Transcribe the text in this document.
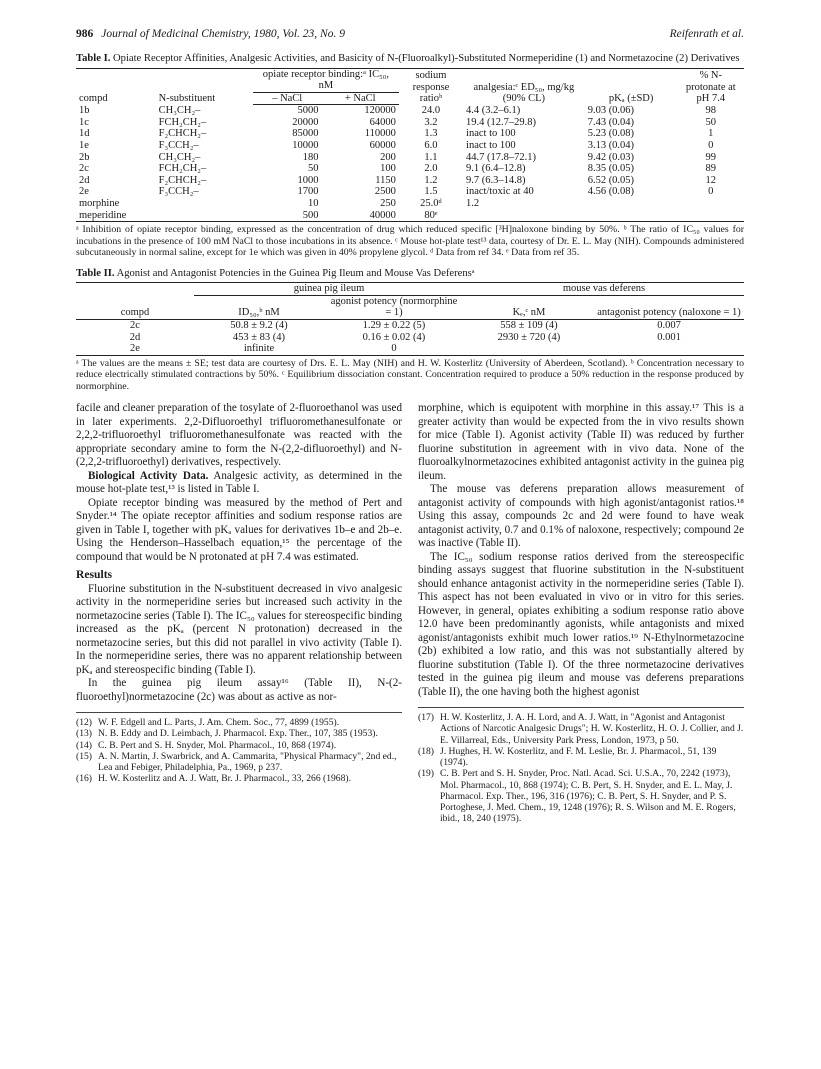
986 Journal of Medicinal Chemistry, 1980, Vol. 23, No. 9	Reifenrath et al.
Table I. Opiate Receptor Affinities, Analgesic Activities, and Basicity of N-(Fluoroalkyl)-Substituted Normeperidine (1) and Normetazocine (2) Derivatives
compd	N-substituent	opiate receptor binding:ᵃ IC₅₀, nM		sodium response ratioᵇ	analgesia:ᶜ ED₅₀, mg/kg (90% CL)	pKₐ (±SD)	% N-protonate at pH 7.4
		– NaCl	+ NaCl				
1b	CH₃CH₂–	5000	120000	24.0	4.4 (3.2–6.1)	9.03 (0.06)	98
1c	FCH₂CH₂–	20000	64000	3.2	19.4 (12.7–29.8)	7.43 (0.04)	50
1d	F₂CHCH₂–	85000	110000	1.3	inact to 100	5.23 (0.08)	1
1e	F₃CCH₂–	10000	60000	6.0	inact to 100	3.13 (0.04)	0
2b	CH₃CH₂–	180	200	1.1	44.7 (17.8–72.1)	9.42 (0.03)	99
2c	FCH₂CH₂–	50	100	2.0	9.1 (6.4–12.8)	8.35 (0.05)	89
2d	F₂CHCH₂–	1000	1150	1.2	9.7 (6.3–14.8)	6.52 (0.05)	12
2e	F₃CCH₂–	1700	2500	1.5	inact/toxic at 40	4.56 (0.08)	0
morphine		10	250	25.0ᵈ	1.2		
meperidine		500	40000	80ᵉ			
ᵃ Inhibition of opiate receptor binding, expressed as the concentration of drug which reduced specific [³H]naloxone binding by 50%. ᵇ The ratio of IC₅₀ values for incubations in the presence of 100 mM NaCl to those incubations in its absence. ᶜ Mouse hot-plate test¹³ data, courtesy of Dr. E. L. May (NIH). Compounds administered subcutaneously in normal saline, except for 1e which was given in 40% propylene glycol. ᵈ Data from ref 34. ᵉ Data from ref 35.
Table II. Agonist and Antagonist Potencies in the Guinea Pig Ileum and Mouse Vas Deferensᵃ
	guinea pig ileum		mouse vas deferens	
compd	ID₅₀,ᵇ nM	agonist potency (normorphine = 1)	Kₑ,ᶜ nM	antagonist potency (naloxone = 1)
2c	50.8 ± 9.2 (4)	1.29 ± 0.22 (5)	558 ± 109 (4)	0.007
2d	453 ± 83 (4)	0.16 ± 0.02 (4)	2930 ± 720 (4)	0.001
2e	infinite	0		
ᵃ The values are the means ± SE; test data are courtesy of Drs. E. L. May (NIH) and H. W. Kosterlitz (University of Aberdeen, Scotland). ᵇ Concentration necessary to reduce electrically stimulated contractions by 50%. ᶜ Equilibrium dissociation constant. Concentration required to produce a 50% reduction in the response produced by normorphine.

facile and cleaner preparation of the tosylate of 2-fluoroethanol was used in later experiments. 2,2-Difluoroethyl trifluoromethanesulfonate or 2,2,2-trifluoroethyl trifluoromethanesulfonate was reacted with the appropriate secondary amine to form the N-(2,2-difluoroethyl) and N-(2,2,2-trifluoroethyl) derivatives, respectively.

Biological Activity Data. Analgesic activity, as determined in the mouse hot-plate test,¹³ is listed in Table I.

Opiate receptor binding was measured by the method of Pert and Snyder.¹⁴ The opiate receptor affinities and sodium response ratios are given in Table I, together with pKₐ values for derivatives 1b–e and 2b–e. Using the Henderson–Hasselbach equation,¹⁵ the percentage of the compound that would be N protonated at pH 7.4 was estimated.

Results

Fluorine substitution in the N-substituent decreased in vivo analgesic activity in the normeperidine series but increased such activity in the normetazocine series (Table I). The IC₅₀ values for stereospecific binding increased as the pKₐ (percent N protonation) decreased in the normetazocine series, but this did not parallel in vivo activity (Table I). In the normeperidine series, there was no apparent relationship between pKₐ and stereospecific binding (Table I).

In the guinea pig ileum assay¹⁶ (Table II), N-(2-fluoroethyl)normetazocine (2c) was about as active as nor-

(12) W. F. Edgell and L. Parts, J. Am. Chem. Soc., 77, 4899 (1955).
(13) N. B. Eddy and D. Leimbach, J. Pharmacol. Exp. Ther., 107, 385 (1953).
(14) C. B. Pert and S. H. Snyder, Mol. Pharmacol., 10, 868 (1974).
(15) A. N. Martin, J. Swarbrick, and A. Cammarita, "Physical Pharmacy", 2nd ed., Lea and Febiger, Philadelphia, Pa., 1969, p 237.
(16) H. W. Kosterlitz and A. J. Watt, Br. J. Pharmacol., 33, 266 (1968).

morphine, which is equipotent with morphine in this assay.¹⁷ This is a greater activity than would be expected from the in vivo results shown for mice (Table I). Agonist activity (Table II) was reduced by further fluorine substitution in agreement with in vivo data. None of the fluoroalkylnormetazocines exhibited antagonist activity in the guinea pig ileum.

The mouse vas deferens preparation allows measurement of antagonist activity of compounds with high agonist/antagonist ratios.¹⁸ Using this assay, compounds 2c and 2d were found to have weak antagonist activity, 0.7 and 0.1% of naloxone, respectively; compound 2e was inactive (Table II).

The IC₅₀ sodium response ratios derived from the stereospecific binding assays suggest that fluorine substitution in the N-substituent should enhance antagonist activity in the normeperidine series (Table I). This aspect has not been evaluated in vivo or in vitro for this series. However, in general, opiates exhibiting a sodium response ratio above 12.0 have been predominantly agonists, while antagonists and mixed agonist/antagonists exhibit much lower ratios.¹⁹ N-Ethylnormetazocine (2b) exhibited a low ratio, and this was not substantially altered by fluorine substitution (Table I). Of the three normetazocine derivatives tested in the guinea pig ileum and mouse vas deferens preparations (Table II), the one having both the highest agonist

(17) H. W. Kosterlitz, J. A. H. Lord, and A. J. Watt, in "Agonist and Antagonist Actions of Narcotic Analgesic Drugs"; H. W. Kosterlitz, H. O. J. Collier, and J. E. Villarreal, Eds., University Park Press, London, 1973, p 50.
(18) J. Hughes, H. W. Kosterlitz, and F. M. Leslie, Br. J. Pharmacol., 51, 139 (1974).
(19) C. B. Pert and S. H. Snyder, Proc. Natl. Acad. Sci. U.S.A., 70, 2242 (1973), Mol. Pharmacol., 10, 868 (1974); C. B. Pert, S. H. Snyder, and E. L. May, J. Pharmacol. Exp. Ther., 196, 316 (1976); C. B. Pert, S. H. Snyder, and P. S. Portoghese, J. Med. Chem., 19, 1248 (1976); R. S. Wilson and M. E. Rogers, ibid., 18, 240 (1975).
